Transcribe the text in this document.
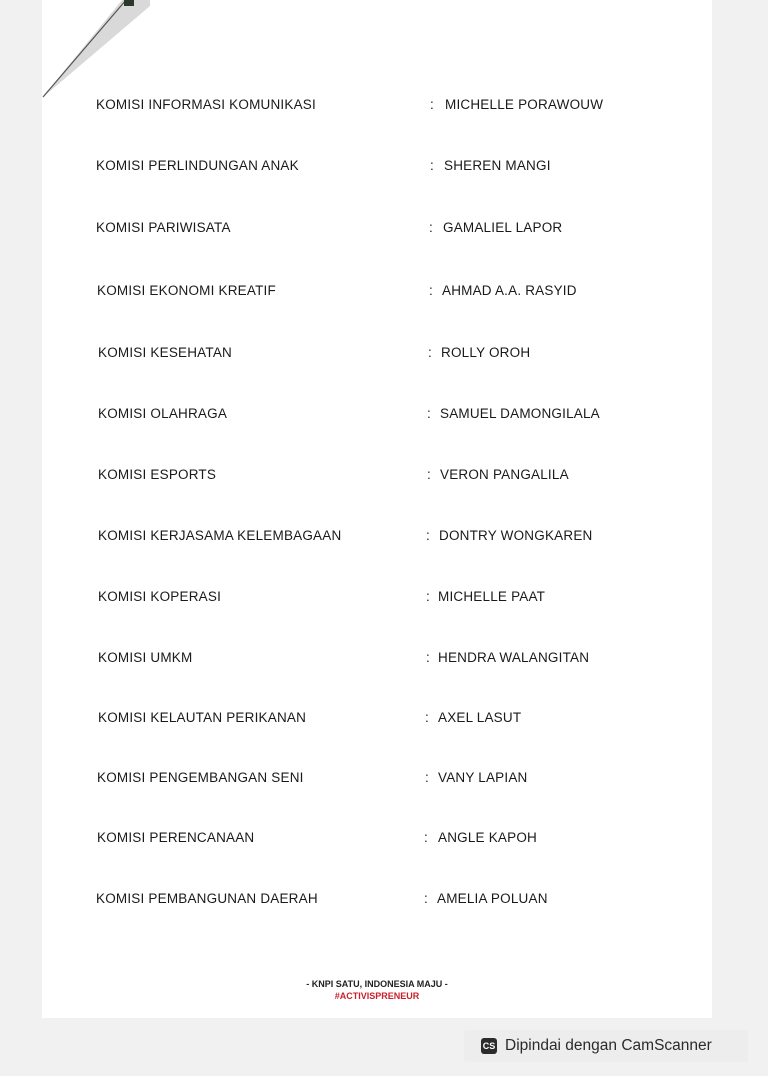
KOMISI INFORMASI KOMUNIKASI	: MICHELLE PORAWOUW
KOMISI PERLINDUNGAN ANAK	: SHEREN MANGI
KOMISI PARIWISATA	: GAMALIEL LAPOR
KOMISI EKONOMI KREATIF	: AHMAD A.A. RASYID
KOMISI KESEHATAN	: ROLLY OROH
KOMISI OLAHRAGA	: SAMUEL DAMONGILALA
KOMISI ESPORTS	: VERON PANGALILA
KOMISI KERJASAMA KELEMBAGAAN	: DONTRY WONGKAREN
KOMISI KOPERASI	: MICHELLE PAAT
KOMISI UMKM	: HENDRA WALANGITAN
KOMISI KELAUTAN PERIKANAN	: AXEL LASUT
KOMISI PENGEMBANGAN SENI	: VANY LAPIAN
KOMISI PERENCANAAN	: ANGLE KAPOH
KOMISI PEMBANGUNAN DAERAH	: AMELIA POLUAN
- KNPI SATU, INDONESIA MAJU -
#ACTIVISPRENEUR
CS Dipindai dengan CamScanner
